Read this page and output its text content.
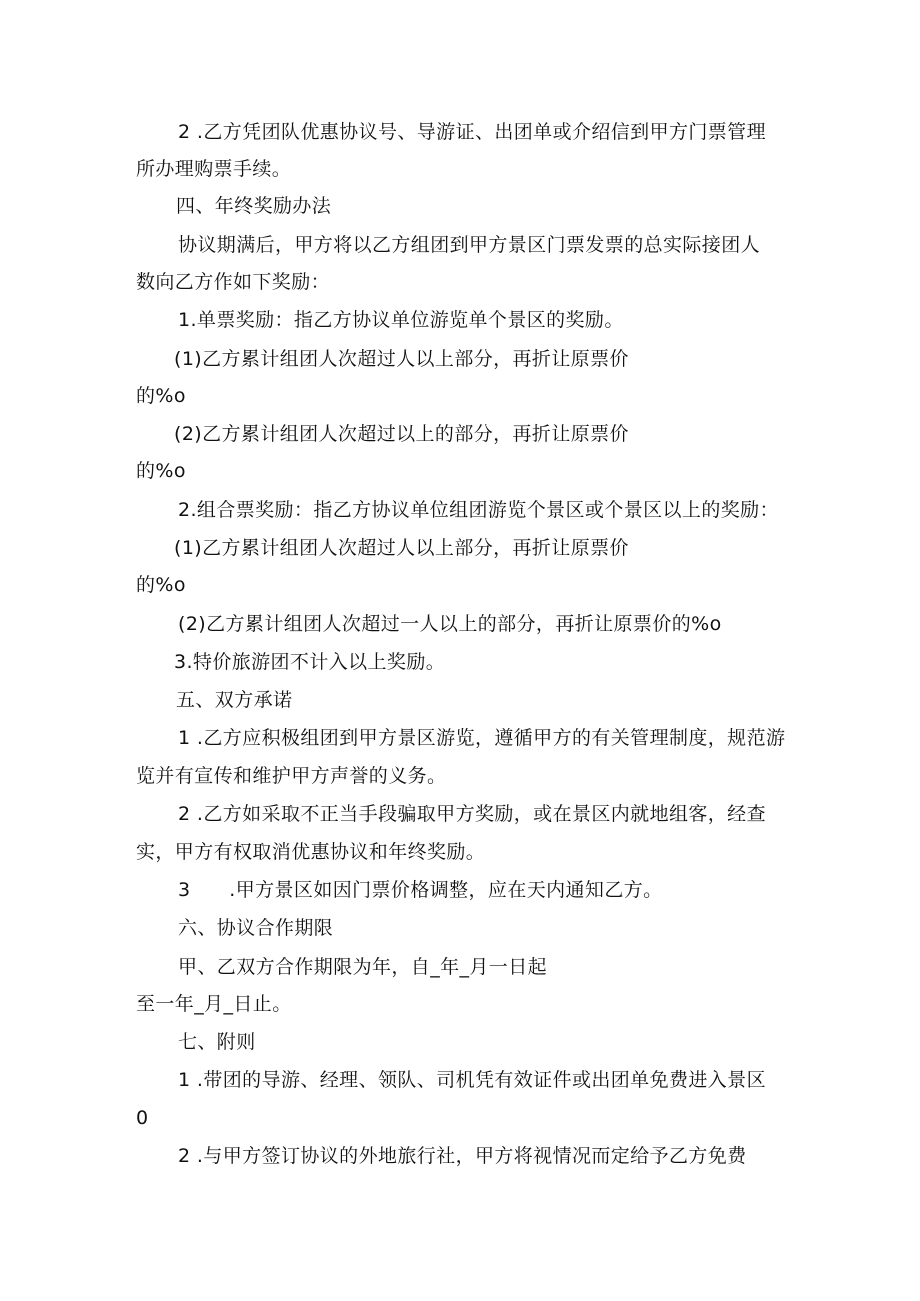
2 .乙方凭团队优惠协议号、导游证、出团单或介绍信到甲方门票管理
所办理购票手续。
四、年终奖励办法
协议期满后，甲方将以乙方组团到甲方景区门票发票的总实际接团人
数向乙方作如下奖励：
1.单票奖励：指乙方协议单位游览单个景区的奖励。
(1)乙方累计组团人次超过人以上部分，再折让原票价
的%o
(2)乙方累计组团人次超过以上的部分，再折让原票价
的%o
2.组合票奖励：指乙方协议单位组团游览个景区或个景区以上的奖励：
(1)乙方累计组团人次超过人以上部分，再折让原票价
的%o
(2)乙方累计组团人次超过一人以上的部分，再折让原票价的%o
3.特价旅游团不计入以上奖励。
五、双方承诺
1 .乙方应积极组团到甲方景区游览，遵循甲方的有关管理制度，规范游
览并有宣传和维护甲方声誉的义务。
2 .乙方如采取不正当手段骗取甲方奖励，或在景区内就地组客，经查
实，甲方有权取消优惠协议和年终奖励。
3　　.甲方景区如因门票价格调整，应在天内通知乙方。
六、协议合作期限
甲、乙双方合作期限为年，自_年_月一日起
至一年_月_日止。
七、附则
1 .带团的导游、经理、领队、司机凭有效证件或出团单免费进入景区
0
2 .与甲方签订协议的外地旅行社，甲方将视情况而定给予乙方免费
